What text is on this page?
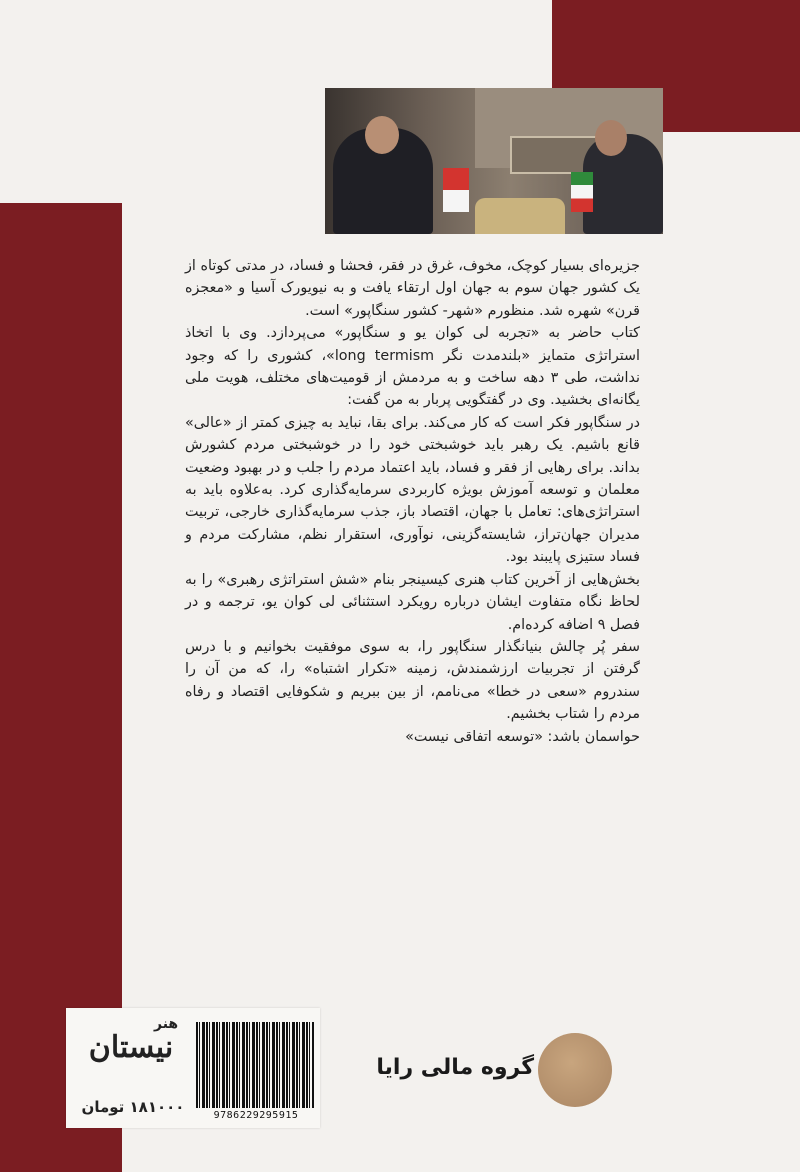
جزیره‌ای بسیار کوچک، مخوف، غرق در فقر، فحشا و فساد، در مدتی کوتاه از یک کشور جهان سوم به جهان اول ارتقاء یافت و به نیویورک آسیا و «معجزه قرن» شهره شد. منظورم «شهر- کشور سنگاپور» است.

کتاب حاضر به «تجربه لی کوان یو و سنگاپور» می‌پردازد. وی با اتخاذ استراتژی متمایز «بلندمدت نگر long termism»، کشوری را که وجود نداشت، طی ۳ دهه ساخت و به مردمش از قومیت‌های مختلف، هویت ملی یگانه‌ای بخشید. وی در گفتگویی پربار به من گفت:

در سنگاپور فکر است که کار می‌کند. برای بقا، نباید به چیزی کمتر از «عالی» قانع باشیم. یک رهبر باید خوشبختی خود را در خوشبختی مردم کشورش بداند. برای رهایی از فقر و فساد، باید اعتماد مردم را جلب و در بهبود وضعیت معلمان و توسعه آموزش بویژه کاربردی سرمایه‌گذاری کرد. به‌علاوه باید به استراتژی‌های: تعامل با جهان، اقتصاد باز، جذب سرمایه‌گذاری خارجی، تربیت مدیران جهان‌تراز، شایسته‌گزینی، نوآوری، استقرار نظم، مشارکت مردم و فساد ستیزی پایبند بود.

بخش‌هایی از آخرین کتاب هنری کیسینجر بنام «شش استراتژی رهبری» را به لحاظ نگاه متفاوت ایشان درباره رویکرد استثنائی لی کوان یو، ترجمه و در فصل ۹ اضافه کرده‌ام.

سفر پُر چالش بنیانگذار سنگاپور را، به سوی موفقیت بخوانیم و با درس گرفتن از تجربیات ارزشمندش، زمینه «تکرار اشتباه» را، که من آن را سندروم «سعی در خطا» می‌نامم، از بین ببریم و شکوفایی اقتصاد و رفاه مردم را شتاب بخشیم.

حواسمان باشد: «توسعه اتفاقی نیست»

هنر
نیستان
۱۸۱۰۰۰ تومان	9786229295915
گروه مالی رایا
